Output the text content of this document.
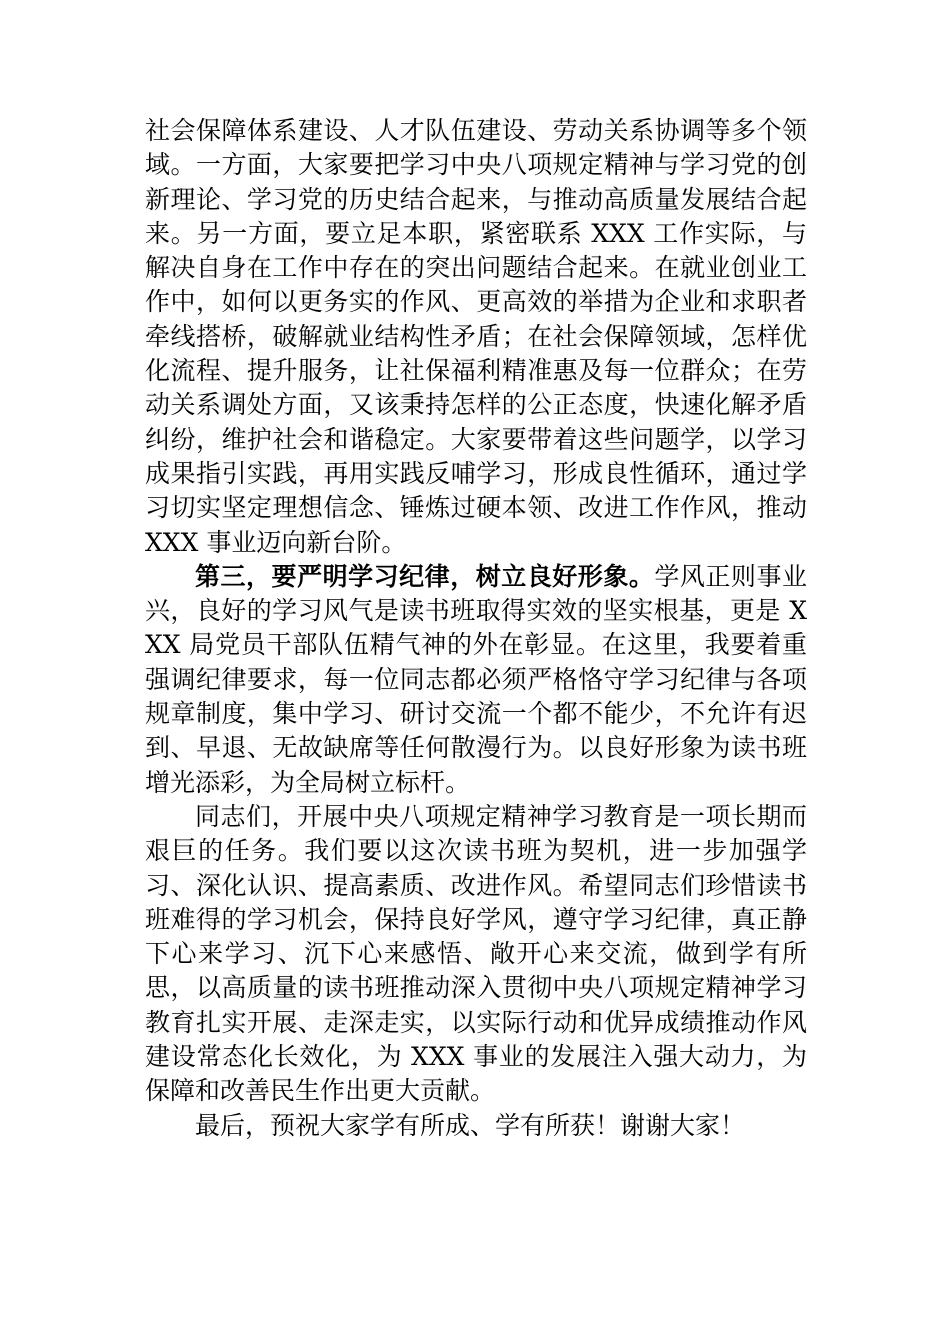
社会保障体系建设、人才队伍建设、劳动关系协调等多个领域。一方面，大家要把学习中央八项规定精神与学习党的创新理论、学习党的历史结合起来，与推动高质量发展结合起来。另一方面，要立足本职，紧密联系 XXX 工作实际，与解决自身在工作中存在的突出问题结合起来。在就业创业工作中，如何以更务实的作风、更高效的举措为企业和求职者牵线搭桥，破解就业结构性矛盾；在社会保障领域，怎样优化流程、提升服务，让社保福利精准惠及每一位群众；在劳动关系调处方面，又该秉持怎样的公正态度，快速化解矛盾纠纷，维护社会和谐稳定。大家要带着这些问题学，以学习成果指引实践，再用实践反哺学习，形成良性循环，通过学习切实坚定理想信念、锤炼过硬本领、改进工作作风，推动 XXX 事业迈向新台阶。

第三，要严明学习纪律，树立良好形象。学风正则事业兴，良好的学习风气是读书班取得实效的坚实根基，更是 XXX 局党员干部队伍精气神的外在彰显。在这里，我要着重强调纪律要求，每一位同志都必须严格恪守学习纪律与各项规章制度，集中学习、研讨交流一个都不能少，不允许有迟到、早退、无故缺席等任何散漫行为。以良好形象为读书班增光添彩，为全局树立标杆。

同志们，开展中央八项规定精神学习教育是一项长期而艰巨的任务。我们要以这次读书班为契机，进一步加强学习、深化认识、提高素质、改进作风。希望同志们珍惜读书班难得的学习机会，保持良好学风，遵守学习纪律，真正静下心来学习、沉下心来感悟、敞开心来交流，做到学有所思，以高质量的读书班推动深入贯彻中央八项规定精神学习教育扎实开展、走深走实，以实际行动和优异成绩推动作风建设常态化长效化，为 XXX 事业的发展注入强大动力，为保障和改善民生作出更大贡献。

最后，预祝大家学有所成、学有所获！谢谢大家！
